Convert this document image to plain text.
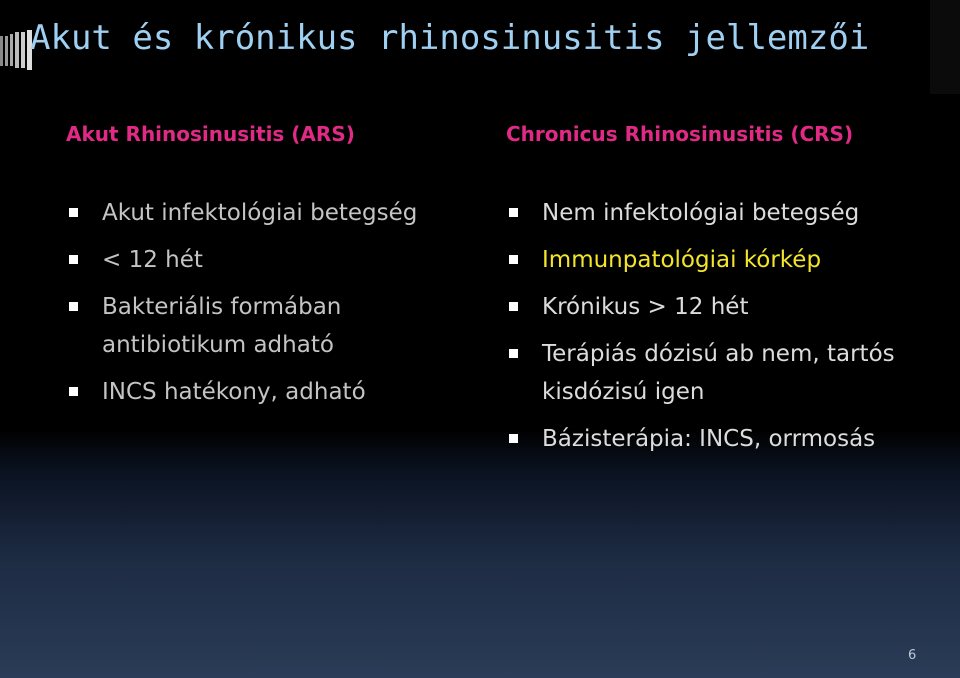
Akut és krónikus rhinosinusitis jellemzői
Akut Rhinosinusitis (ARS)
Akut infektológiai betegség
< 12 hét
Bakteriális formában antibiotikum adható
INCS hatékony, adható
Chronicus Rhinosinusitis (CRS)
Nem infektológiai betegség
Immunpatológiai kórkép
Krónikus > 12 hét
Terápiás dózisú ab nem, tartós kisdózisú igen
Bázisterápia: INCS, orrmosás
6
